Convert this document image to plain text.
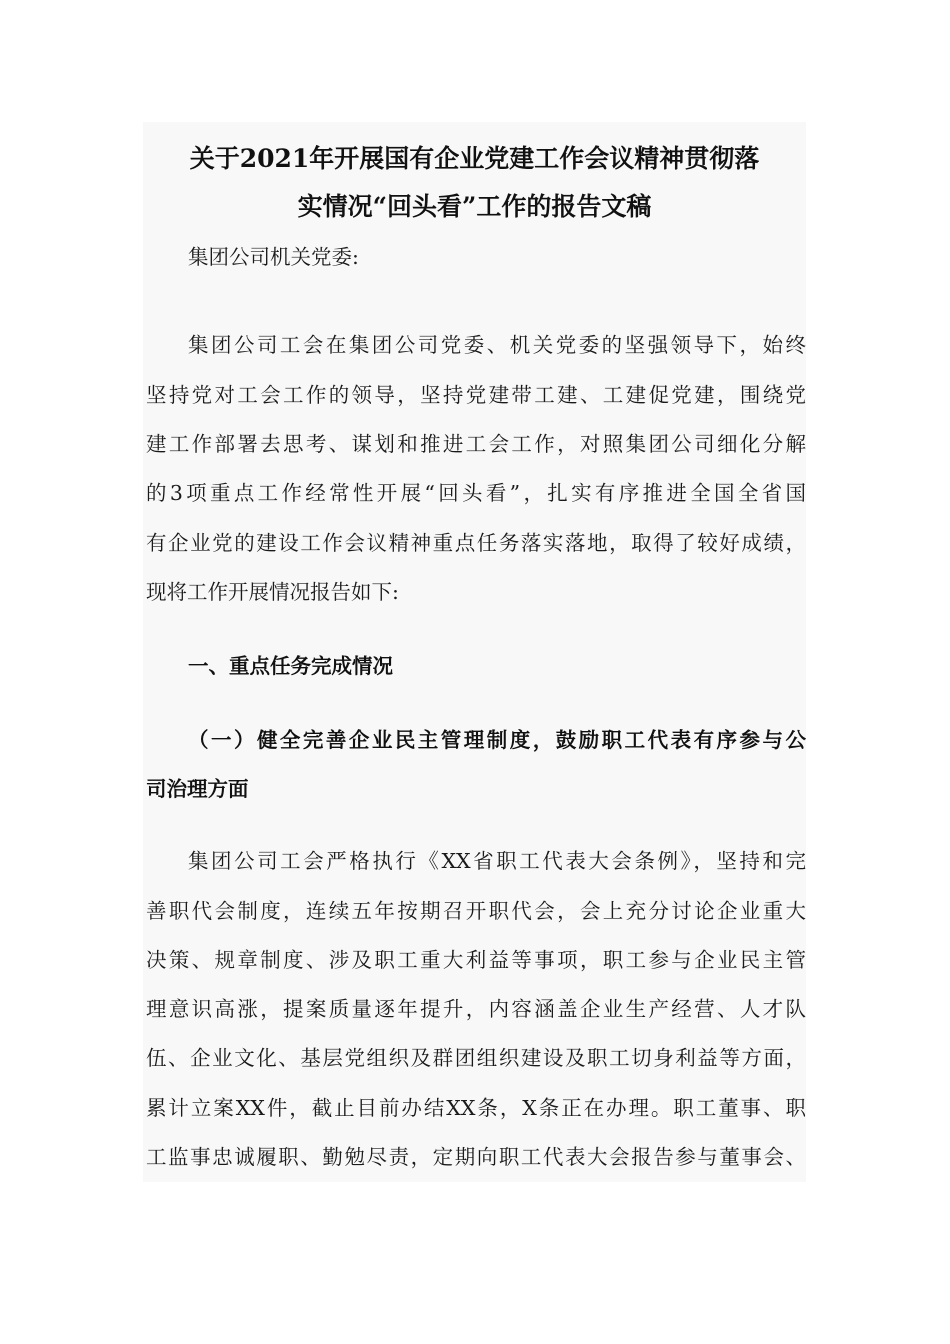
关于2021年开展国有企业党建工作会议精神贯彻落
实情况“回头看”工作的报告文稿
集团公司机关党委:
集团公司工会在集团公司党委、机关党委的坚强领导下，始终
坚持党对工会工作的领导，坚持党建带工建、工建促党建，围绕党
建工作部署去思考、谋划和推进工会工作，对照集团公司细化分解
的3项重点工作经常性开展“回头看”，扎实有序推进全国全省国
有企业党的建设工作会议精神重点任务落实落地，取得了较好成绩，
现将工作开展情况报告如下:
一、重点任务完成情况
（一）健全完善企业民主管理制度，鼓励职工代表有序参与公
司治理方面
集团公司工会严格执行《XX省职工代表大会条例》，坚持和完
善职代会制度，连续五年按期召开职代会，会上充分讨论企业重大
决策、规章制度、涉及职工重大利益等事项，职工参与企业民主管
理意识高涨，提案质量逐年提升，内容涵盖企业生产经营、人才队
伍、企业文化、基层党组织及群团组织建设及职工切身利益等方面，
累计立案XX件，截止目前办结XX条，X条正在办理。职工董事、职
工监事忠诚履职、勤勉尽责，定期向职工代表大会报告参与董事会、
